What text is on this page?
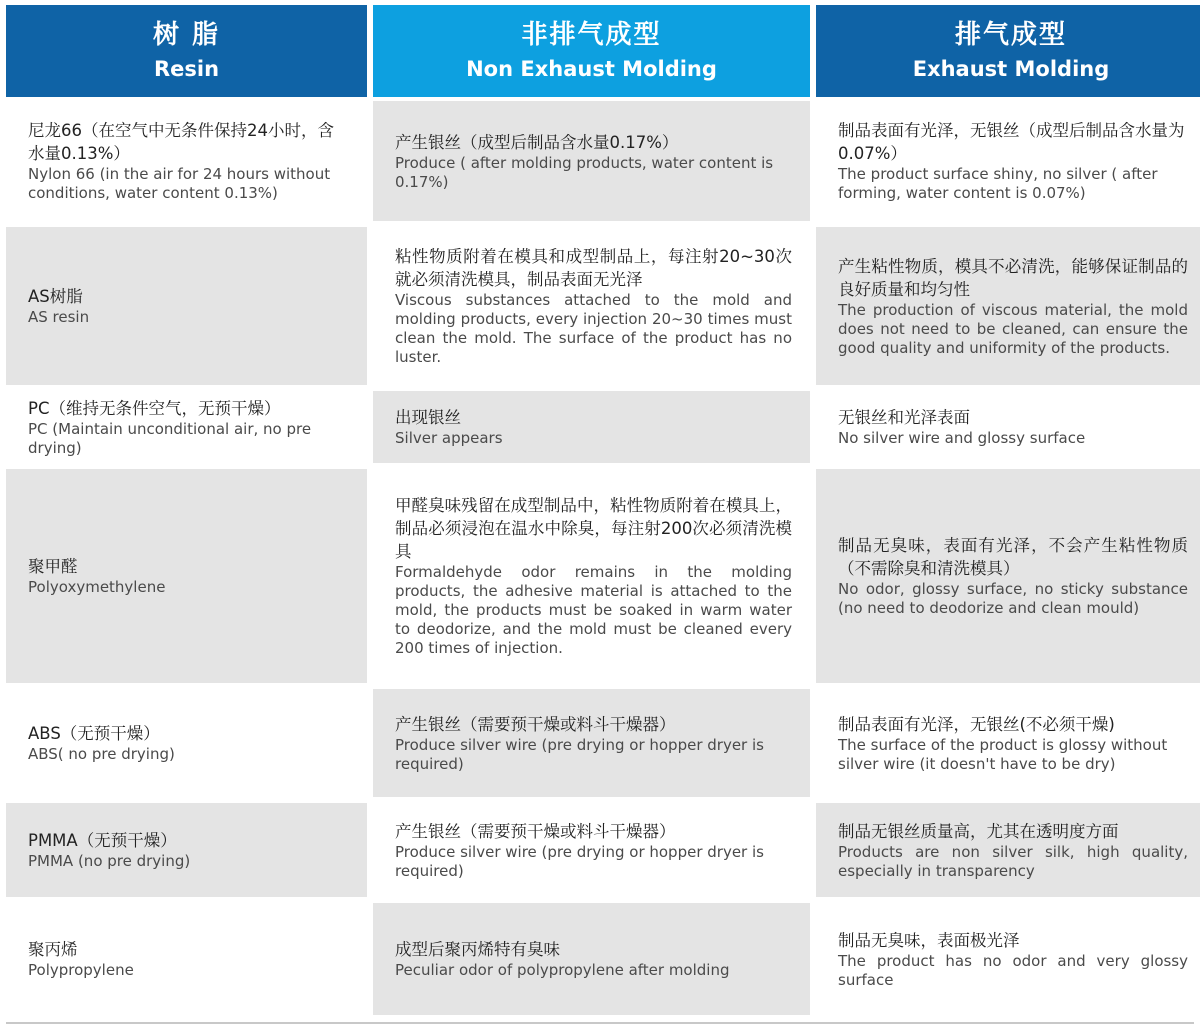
树 脂
Resin
非排气成型
Non Exhaust Molding
排气成型
Exhaust Molding
尼龙66（在空气中无条件保持24小时，含水量0.13%）
Nylon 66 (in the air for 24 hours without conditions, water content 0.13%)
产生银丝（成型后制品含水量0.17%）
Produce ( after molding products, water content is 0.17%)
制品表面有光泽，无银丝（成型后制品含水量为0.07%）
The product surface shiny, no silver ( after forming, water content is 0.07%)
AS树脂
AS resin
粘性物质附着在模具和成型制品上，每注射20~30次就必须清洗模具，制品表面无光泽
Viscous substances attached to the mold and molding products, every injection 20~30 times must clean the mold. The surface of the product has no luster.
产生粘性物质，模具不必清洗，能够保证制品的良好质量和均匀性
The production of viscous material, the mold does not need to be cleaned, can ensure the good quality and uniformity of the products.
PC（维持无条件空气，无预干燥）
PC (Maintain unconditional air, no pre drying)
出现银丝
Silver appears
无银丝和光泽表面
No silver wire and glossy surface
聚甲醛
Polyoxymethylene
甲醛臭味残留在成型制品中，粘性物质附着在模具上，制品必须浸泡在温水中除臭，每注射200次必须清洗模具
Formaldehyde odor remains in the molding products, the adhesive material is attached to the mold, the products must be soaked in warm water to deodorize, and the mold must be cleaned every 200 times of injection.
制品无臭味，表面有光泽，不会产生粘性物质（不需除臭和清洗模具）
No odor, glossy surface, no sticky substance (no need to deodorize and clean mould)
ABS（无预干燥）
ABS( no pre drying)
产生银丝（需要预干燥或料斗干燥器）
Produce silver wire (pre drying or hopper dryer is required)
制品表面有光泽，无银丝(不必须干燥)
The surface of the product is glossy without silver wire (it doesn't have to be dry)
PMMA（无预干燥）
PMMA (no pre drying)
产生银丝（需要预干燥或料斗干燥器）
Produce silver wire (pre drying or hopper dryer is required)
制品无银丝质量高，尤其在透明度方面
Products are non silver silk, high quality, especially in transparency
聚丙烯
Polypropylene
成型后聚丙烯特有臭味
Peculiar odor of polypropylene after molding
制品无臭味，表面极光泽
The product has no odor and very glossy surface
